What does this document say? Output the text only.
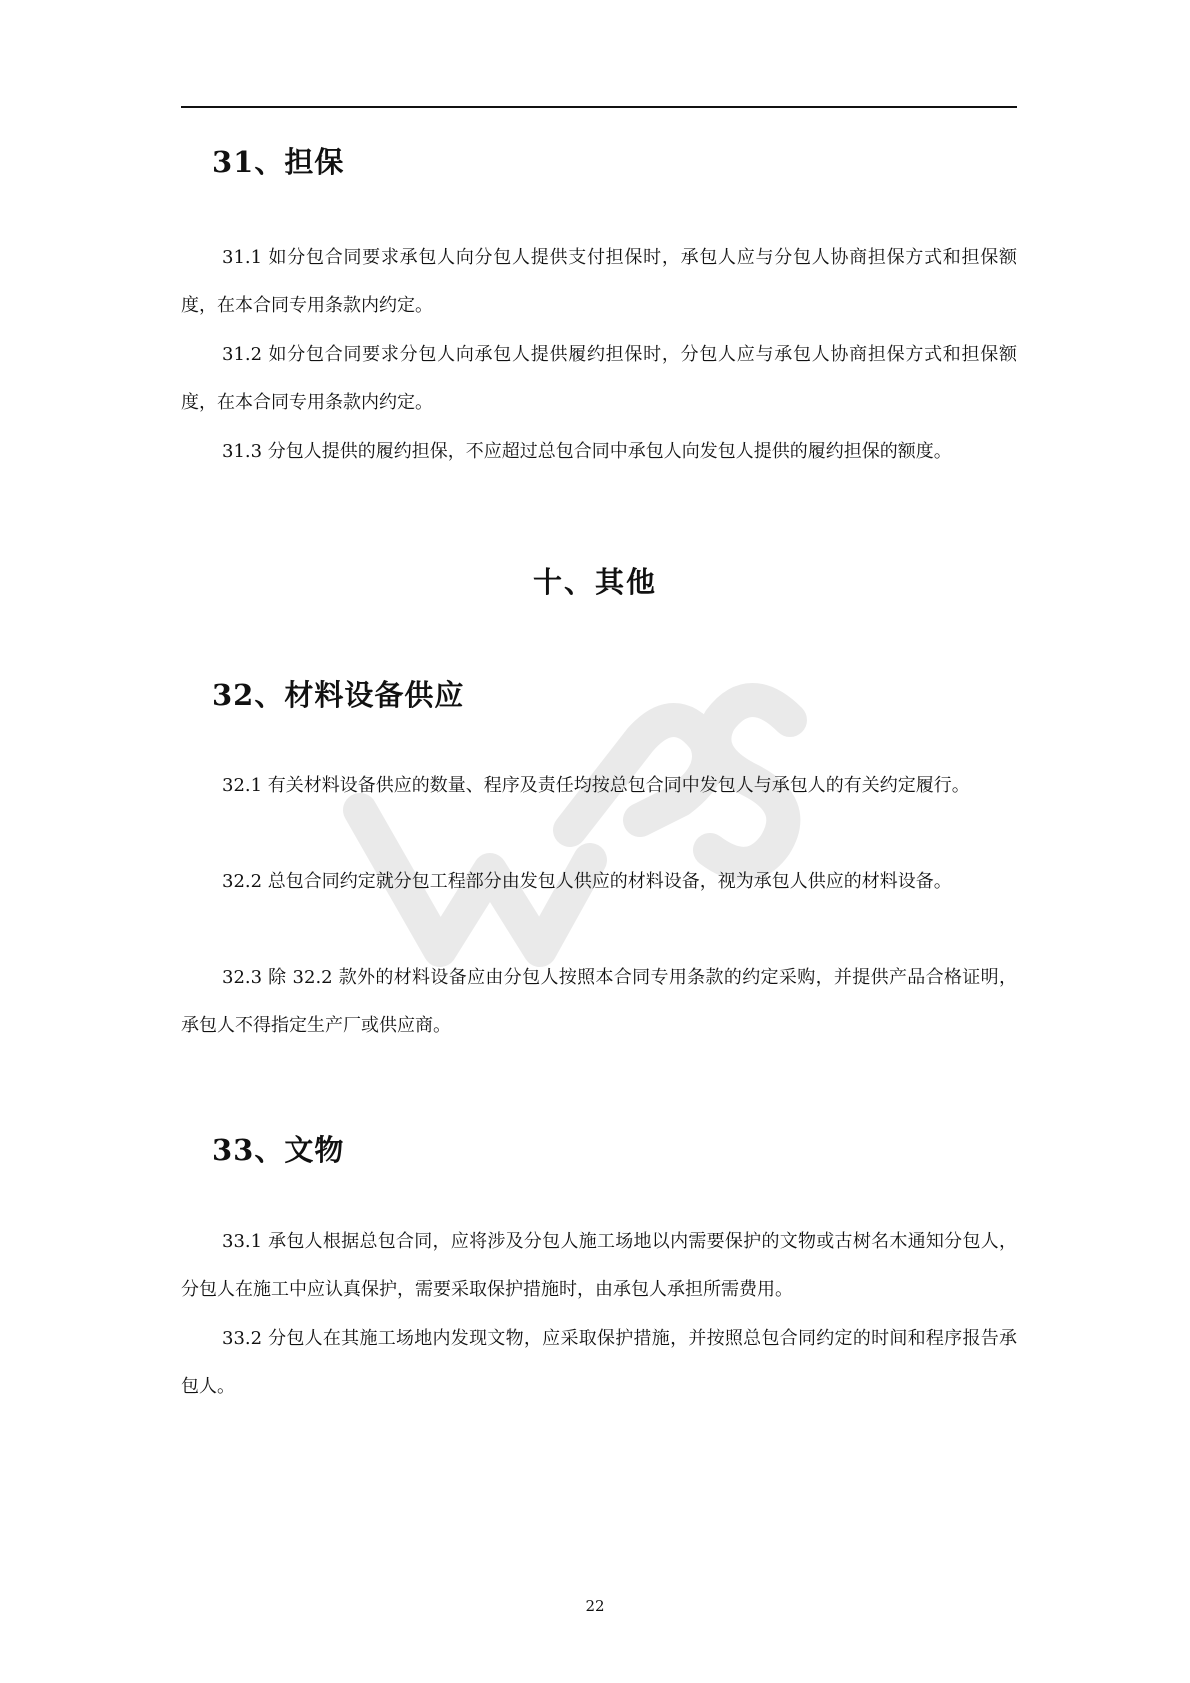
31、担保

31.1 如分包合同要求承包人向分包人提供支付担保时，承包人应与分包人协商担保方式和担保额度，在本合同专用条款内约定。

31.2 如分包合同要求分包人向承包人提供履约担保时，分包人应与承包人协商担保方式和担保额度，在本合同专用条款内约定。

31.3 分包人提供的履约担保，不应超过总包合同中承包人向发包人提供的履约担保的额度。

十、其他
32、材料设备供应

32.1 有关材料设备供应的数量、程序及责任均按总包合同中发包人与承包人的有关约定履行。

32.2 总包合同约定就分包工程部分由发包人供应的材料设备，视为承包人供应的材料设备。

32.3 除 32.2 款外的材料设备应由分包人按照本合同专用条款的约定采购，并提供产品合格证明，承包人不得指定生产厂或供应商。

33、文物

33.1 承包人根据总包合同，应将涉及分包人施工场地以内需要保护的文物或古树名木通知分包人，分包人在施工中应认真保护，需要采取保护措施时，由承包人承担所需费用。

33.2 分包人在其施工场地内发现文物，应采取保护措施，并按照总包合同约定的时间和程序报告承包人。

22
